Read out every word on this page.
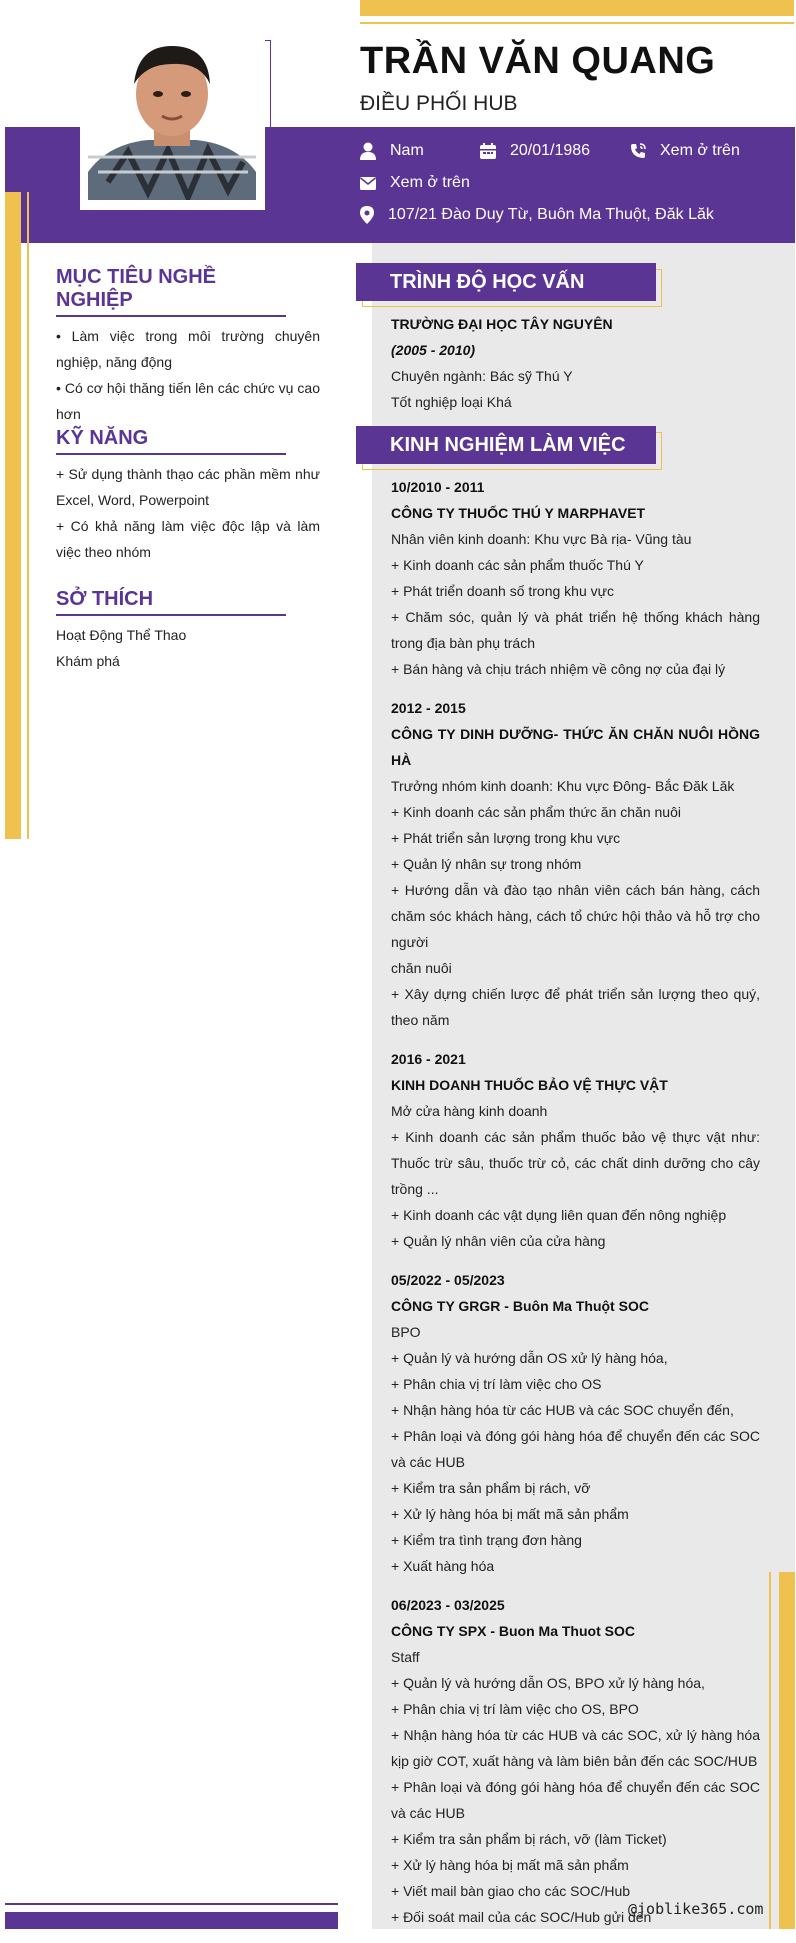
TRẦN VĂN QUANG
ĐIỀU PHỐI HUB
Nam	20/01/1986	Xem ở trên
Xem ở trên
107/21 Đào Duy Từ, Buôn Ma Thuột, Đăk Lăk
MỤC TIÊU NGHỀ NGHIỆP
• Làm việc trong môi trường chuyên nghiệp, năng động
• Có cơ hội thăng tiến lên các chức vụ cao hơn
KỸ NĂNG
+ Sử dụng thành thạo các phần mềm như Excel, Word, Powerpoint
+ Có khả năng làm việc độc lập và làm việc theo nhóm
SỞ THÍCH
Hoạt Động Thể Thao
Khám phá
TRÌNH ĐỘ HỌC VẤN
TRƯỜNG ĐẠI HỌC TÂY NGUYÊN
(2005 - 2010)
Chuyên ngành: Bác sỹ Thú Y
Tốt nghiệp loại Khá
KINH NGHIỆM LÀM VIỆC
10/2010 - 2011
CÔNG TY THUỐC THÚ Y MARPHAVET
Nhân viên kinh doanh: Khu vực Bà rịa- Vũng tàu
+ Kinh doanh các sản phẩm thuốc Thú Y
+ Phát triển doanh số trong khu vực
+ Chăm sóc, quản lý và phát triển hệ thống khách hàng trong địa bàn phụ trách
+ Bán hàng và chịu trách nhiệm về công nợ của đại lý
2012 - 2015
CÔNG TY DINH DƯỠNG- THỨC ĂN CHĂN NUÔI HỒNG HÀ
Trưởng nhóm kinh doanh: Khu vực Đông- Bắc Đăk Lăk
+ Kinh doanh các sản phẩm thức ăn chăn nuôi
+ Phát triển sản lượng trong khu vực
+ Quản lý nhân sự trong nhóm
+ Hướng dẫn và đào tạo nhân viên cách bán hàng, cách chăm sóc khách hàng, cách tổ chức hội thảo và hỗ trợ cho người
chăn nuôi
+ Xây dựng chiến lược để phát triển sản lượng theo quý, theo năm
2016 - 2021
KINH DOANH THUỐC BẢO VỆ THỰC VẬT
Mở cửa hàng kinh doanh
+ Kinh doanh các sản phẩm thuốc bảo vệ thực vật như: Thuốc trừ sâu, thuốc trừ cỏ, các chất dinh dưỡng cho cây trồng ...
+ Kinh doanh các vật dụng liên quan đến nông nghiệp
+ Quản lý nhân viên của cửa hàng
05/2022 - 05/2023
CÔNG TY GRGR - Buôn Ma Thuột SOC
BPO
+ Quản lý và hướng dẫn OS xử lý hàng hóa,
+ Phân chia vị trí làm việc cho OS
+ Nhận hàng hóa từ các HUB và các SOC chuyển đến,
+ Phân loại và đóng gói hàng hóa để chuyển đến các SOC và các HUB
+ Kiểm tra sản phẩm bị rách, vỡ
+ Xử lý hàng hóa bị mất mã sản phẩm
+ Kiểm tra tình trạng đơn hàng
+ Xuất hàng hóa
06/2023 - 03/2025
CÔNG TY SPX - Buon Ma Thuot SOC
Staff
+ Quản lý và hướng dẫn OS, BPO xử lý hàng hóa,
+ Phân chia vị trí làm việc cho OS, BPO
+ Nhận hàng hóa từ các HUB và các SOC, xử lý hàng hóa kịp giờ COT, xuất hàng và làm biên bản đến các SOC/HUB
+ Phân loại và đóng gói hàng hóa để chuyển đến các SOC và các HUB
+ Kiểm tra sản phẩm bị rách, vỡ (làm Ticket)
+ Xử lý hàng hóa bị mất mã sản phẩm
+ Viết mail bàn giao cho các SOC/Hub
+ Đối soát mail của các SOC/Hub gửi đến
@joblike365.com
